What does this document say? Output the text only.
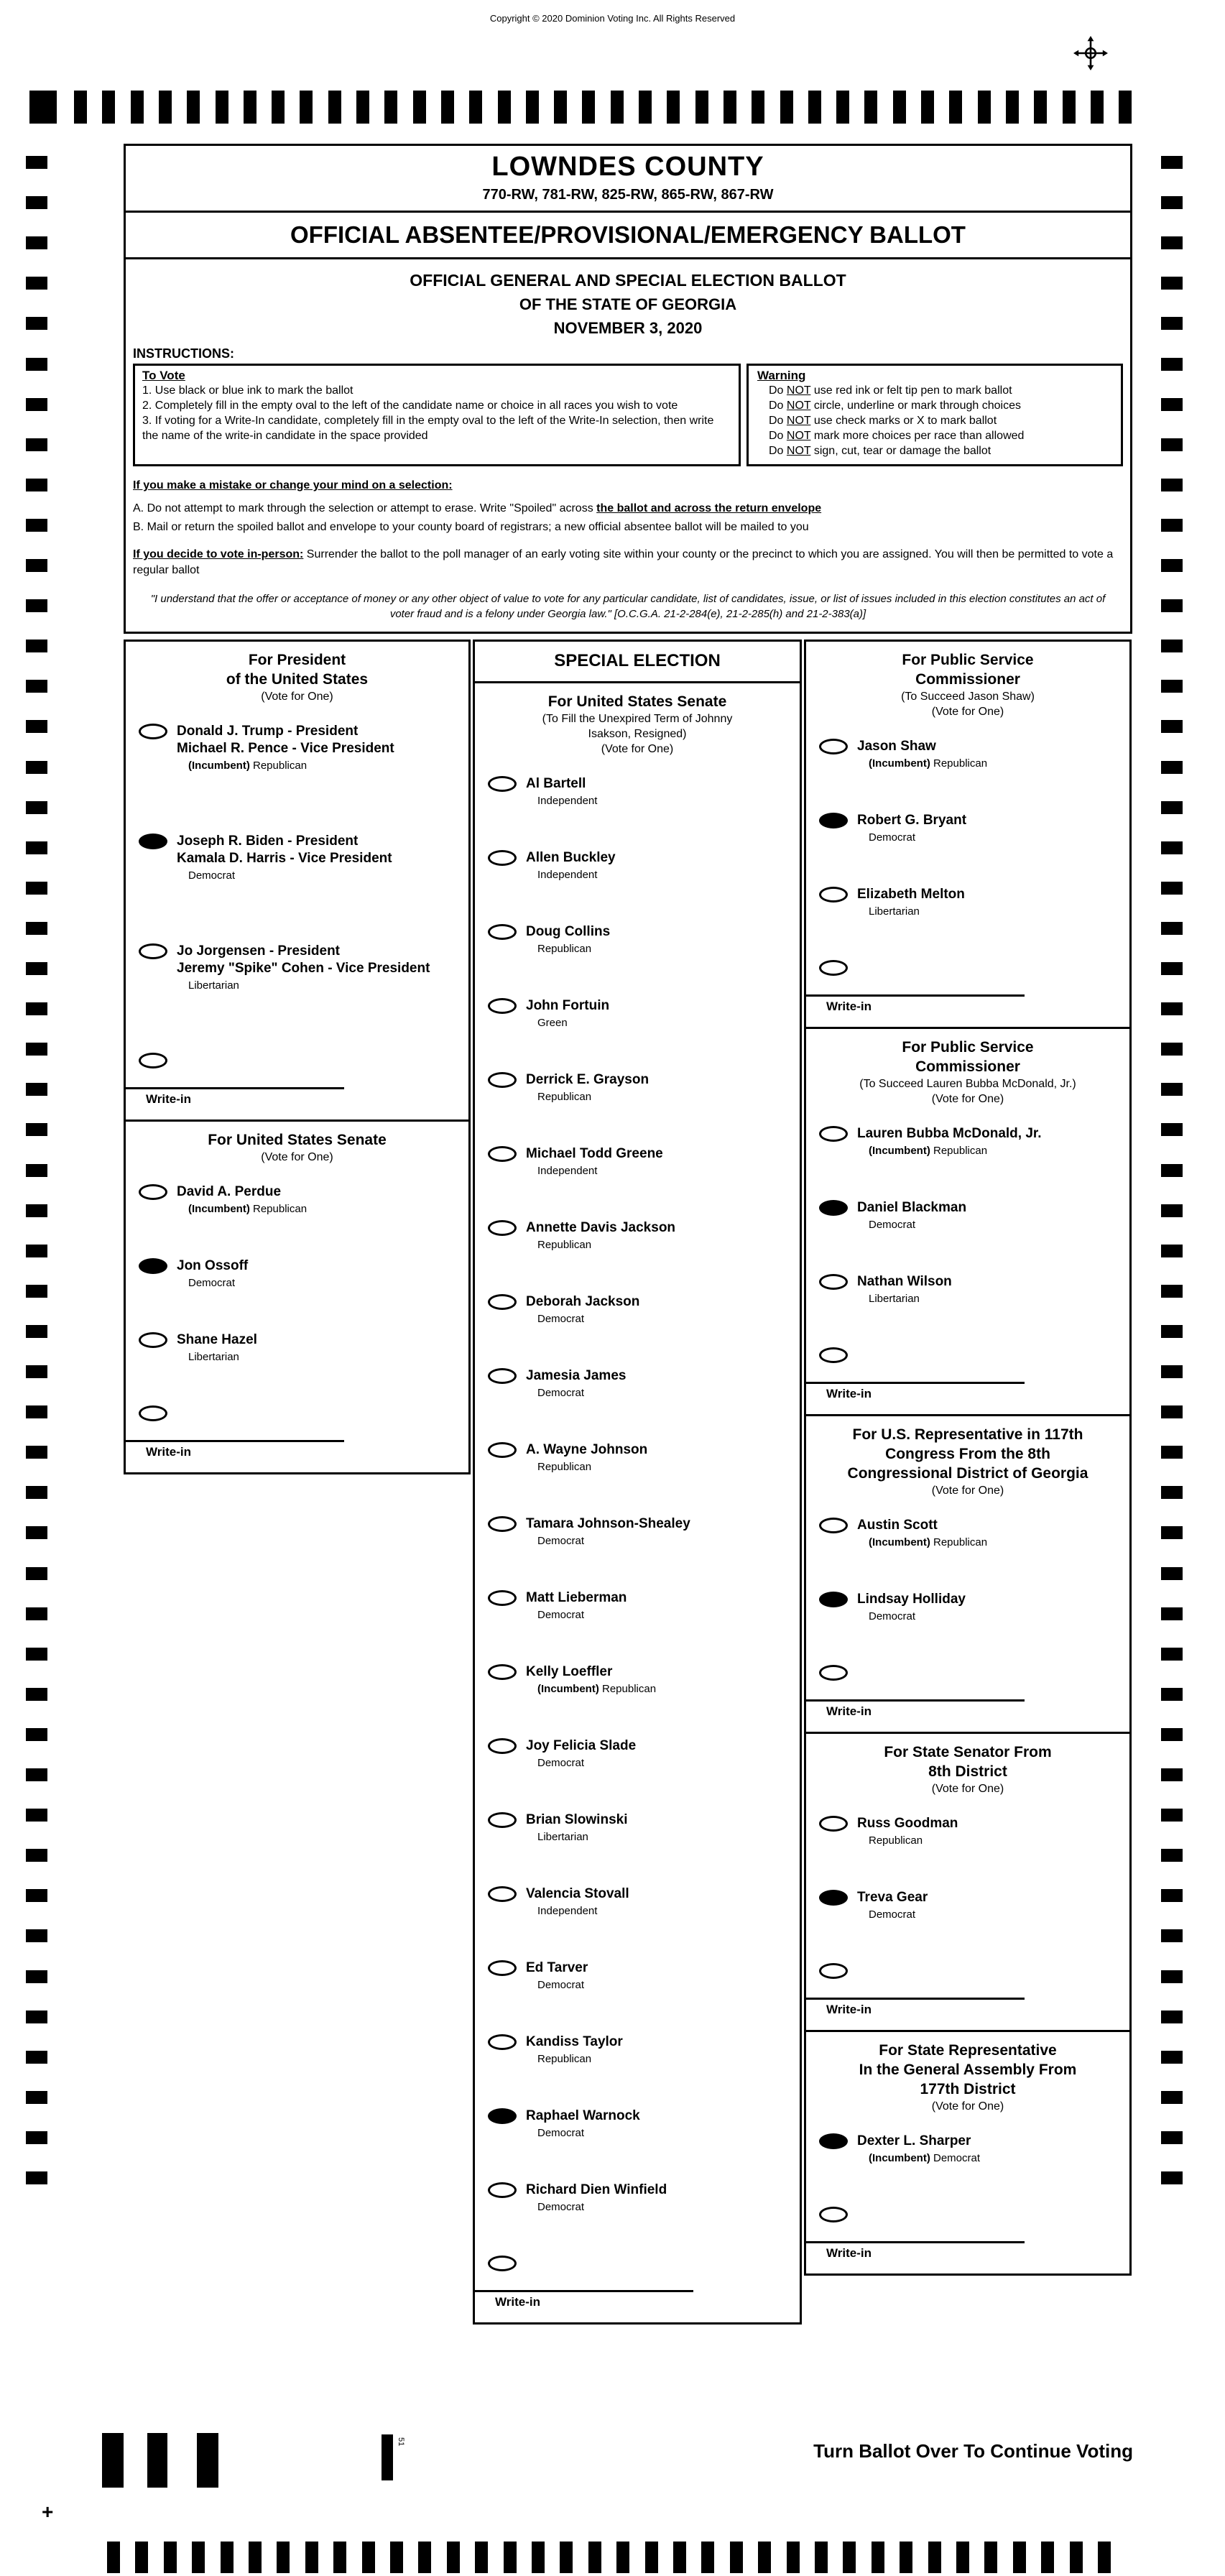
Copyright © 2020 Dominion Voting Inc. All Rights Reserved
LOWNDES COUNTY
770-RW, 781-RW, 825-RW, 865-RW, 867-RW
OFFICIAL ABSENTEE/PROVISIONAL/EMERGENCY BALLOT
OFFICIAL GENERAL AND SPECIAL ELECTION BALLOT
OF THE STATE OF GEORGIA
NOVEMBER 3, 2020
INSTRUCTIONS:
To Vote
1. Use black or blue ink to mark the ballot
2. Completely fill in the empty oval to the left of the candidate name or choice in all races you wish to vote
3. If voting for a Write-In candidate, completely fill in the empty oval to the left of the Write-In selection, then write the name of the write-in candidate in the space provided
Warning
Do NOT use red ink or felt tip pen to mark ballot
Do NOT circle, underline or mark through choices
Do NOT use check marks or X to mark ballot
Do NOT mark more choices per race than allowed
Do NOT sign, cut, tear or damage the ballot
If you make a mistake or change your mind on a selection:
A. Do not attempt to mark through the selection or attempt to erase. Write "Spoiled" across the ballot and across the return envelope
B. Mail or return the spoiled ballot and envelope to your county board of registrars; a new official absentee ballot will be mailed to you
If you decide to vote in-person: Surrender the ballot to the poll manager of an early voting site within your county or the precinct to which you are assigned. You will then be permitted to vote a regular ballot
"I understand that the offer or acceptance of money or any other object of value to vote for any particular candidate, list of candidates, issue, or list of issues included in this election constitutes an act of voter fraud and is a felony under Georgia law." [O.C.G.A. 21-2-284(e), 21-2-285(h) and 21-2-383(a)]
For President
of the United States
(Vote for One)
Donald J. Trump - President
Michael R. Pence - Vice President
(Incumbent) Republican
Joseph R. Biden - President
Kamala D. Harris - Vice President
Democrat
Jo Jorgensen - President
Jeremy "Spike" Cohen - Vice President
Libertarian
Write-in
For United States Senate
(Vote for One)
David A. Perdue
(Incumbent) Republican
Jon Ossoff
Democrat
Shane Hazel
Libertarian
Write-in
SPECIAL ELECTION
For United States Senate
(To Fill the Unexpired Term of Johnny
Isakson, Resigned)
(Vote for One)
Al Bartell
Independent
Allen Buckley
Independent
Doug Collins
Republican
John Fortuin
Green
Derrick E. Grayson
Republican
Michael Todd Greene
Independent
Annette Davis Jackson
Republican
Deborah Jackson
Democrat
Jamesia James
Democrat
A. Wayne Johnson
Republican
Tamara Johnson-Shealey
Democrat
Matt Lieberman
Democrat
Kelly Loeffler
(Incumbent) Republican
Joy Felicia Slade
Democrat
Brian Slowinski
Libertarian
Valencia Stovall
Independent
Ed Tarver
Democrat
Kandiss Taylor
Republican
Raphael Warnock
Democrat
Richard Dien Winfield
Democrat
Write-in
For Public Service
Commissioner
(To Succeed Jason Shaw)
(Vote for One)
Jason Shaw
(Incumbent) Republican
Robert G. Bryant
Democrat
Elizabeth Melton
Libertarian
Write-in
For Public Service
Commissioner
(To Succeed Lauren Bubba McDonald, Jr.)
(Vote for One)
Lauren Bubba McDonald, Jr.
(Incumbent) Republican
Daniel Blackman
Democrat
Nathan Wilson
Libertarian
Write-in
For U.S. Representative in 117th
Congress From the 8th
Congressional District of Georgia
(Vote for One)
Austin Scott
(Incumbent) Republican
Lindsay Holliday
Democrat
Write-in
For State Senator From
8th District
(Vote for One)
Russ Goodman
Republican
Treva Gear
Democrat
Write-in
For State Representative
In the General Assembly From
177th District
(Vote for One)
Dexter L. Sharper
(Incumbent) Democrat
Write-in
Turn Ballot Over To Continue Voting
51
+
